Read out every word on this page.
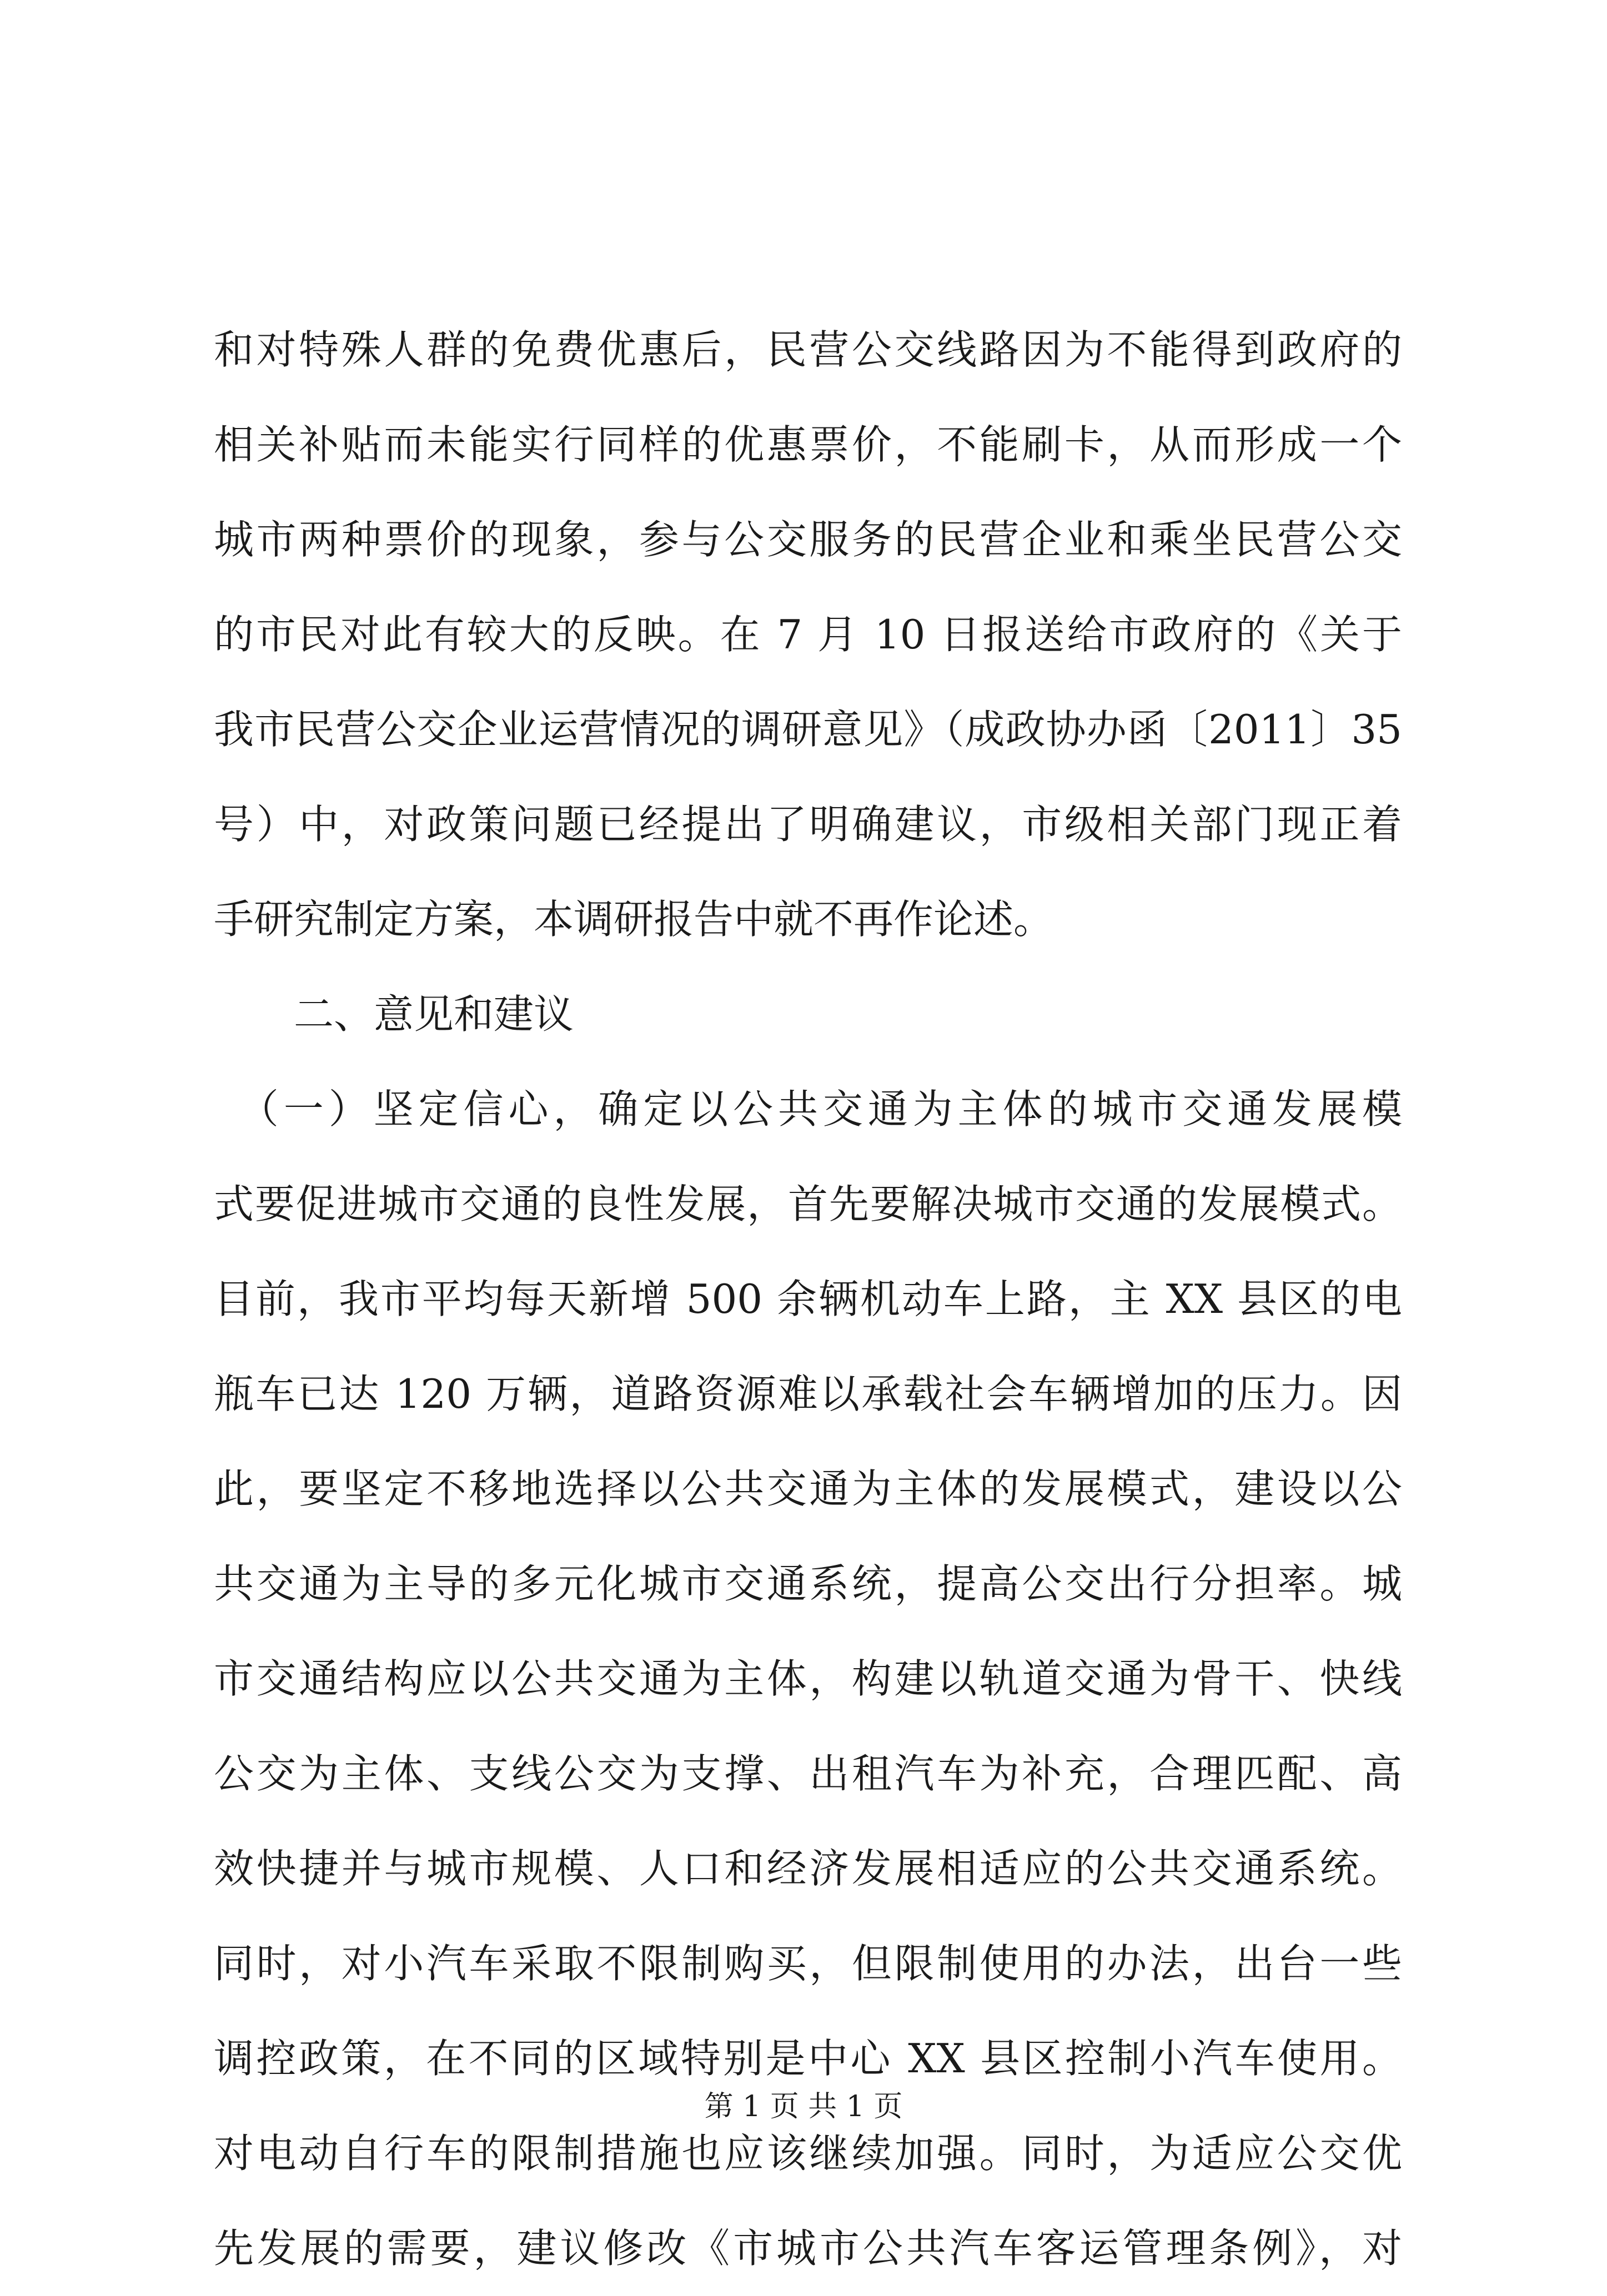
和对特殊人群的免费优惠后，民营公交线路因为不能得到政府的
相关补贴而未能实行同样的优惠票价，不能刷卡，从而形成一个
城市两种票价的现象，参与公交服务的民营企业和乘坐民营公交
的市民对此有较大的反映。在 7 月 10 日报送给市政府的《关于
我市民营公交企业运营情况的调研意见》（成政协办函〔2011〕35
号）中，对政策问题已经提出了明确建议，市级相关部门现正着
手研究制定方案，本调研报告中就不再作论述。
　　二、意见和建议
　（一）坚定信心，确定以公共交通为主体的城市交通发展模
式要促进城市交通的良性发展，首先要解决城市交通的发展模式。
目前，我市平均每天新增 500 余辆机动车上路，主 XX 县区的电
瓶车已达 120 万辆，道路资源难以承载社会车辆增加的压力。因
此，要坚定不移地选择以公共交通为主体的发展模式，建设以公
共交通为主导的多元化城市交通系统，提高公交出行分担率。城
市交通结构应以公共交通为主体，构建以轨道交通为骨干、快线
公交为主体、支线公交为支撑、出租汽车为补充，合理匹配、高
效快捷并与城市规模、人口和经济发展相适应的公共交通系统。
同时，对小汽车采取不限制购买，但限制使用的办法，出台一些
调控政策，在不同的区域特别是中心 XX 县区控制小汽车使用。
对电动自行车的限制措施也应该继续加强。同时，为适应公交优
先发展的需要，建议修改《市城市公共汽车客运管理条例》，对
第 1 页 共 1 页
